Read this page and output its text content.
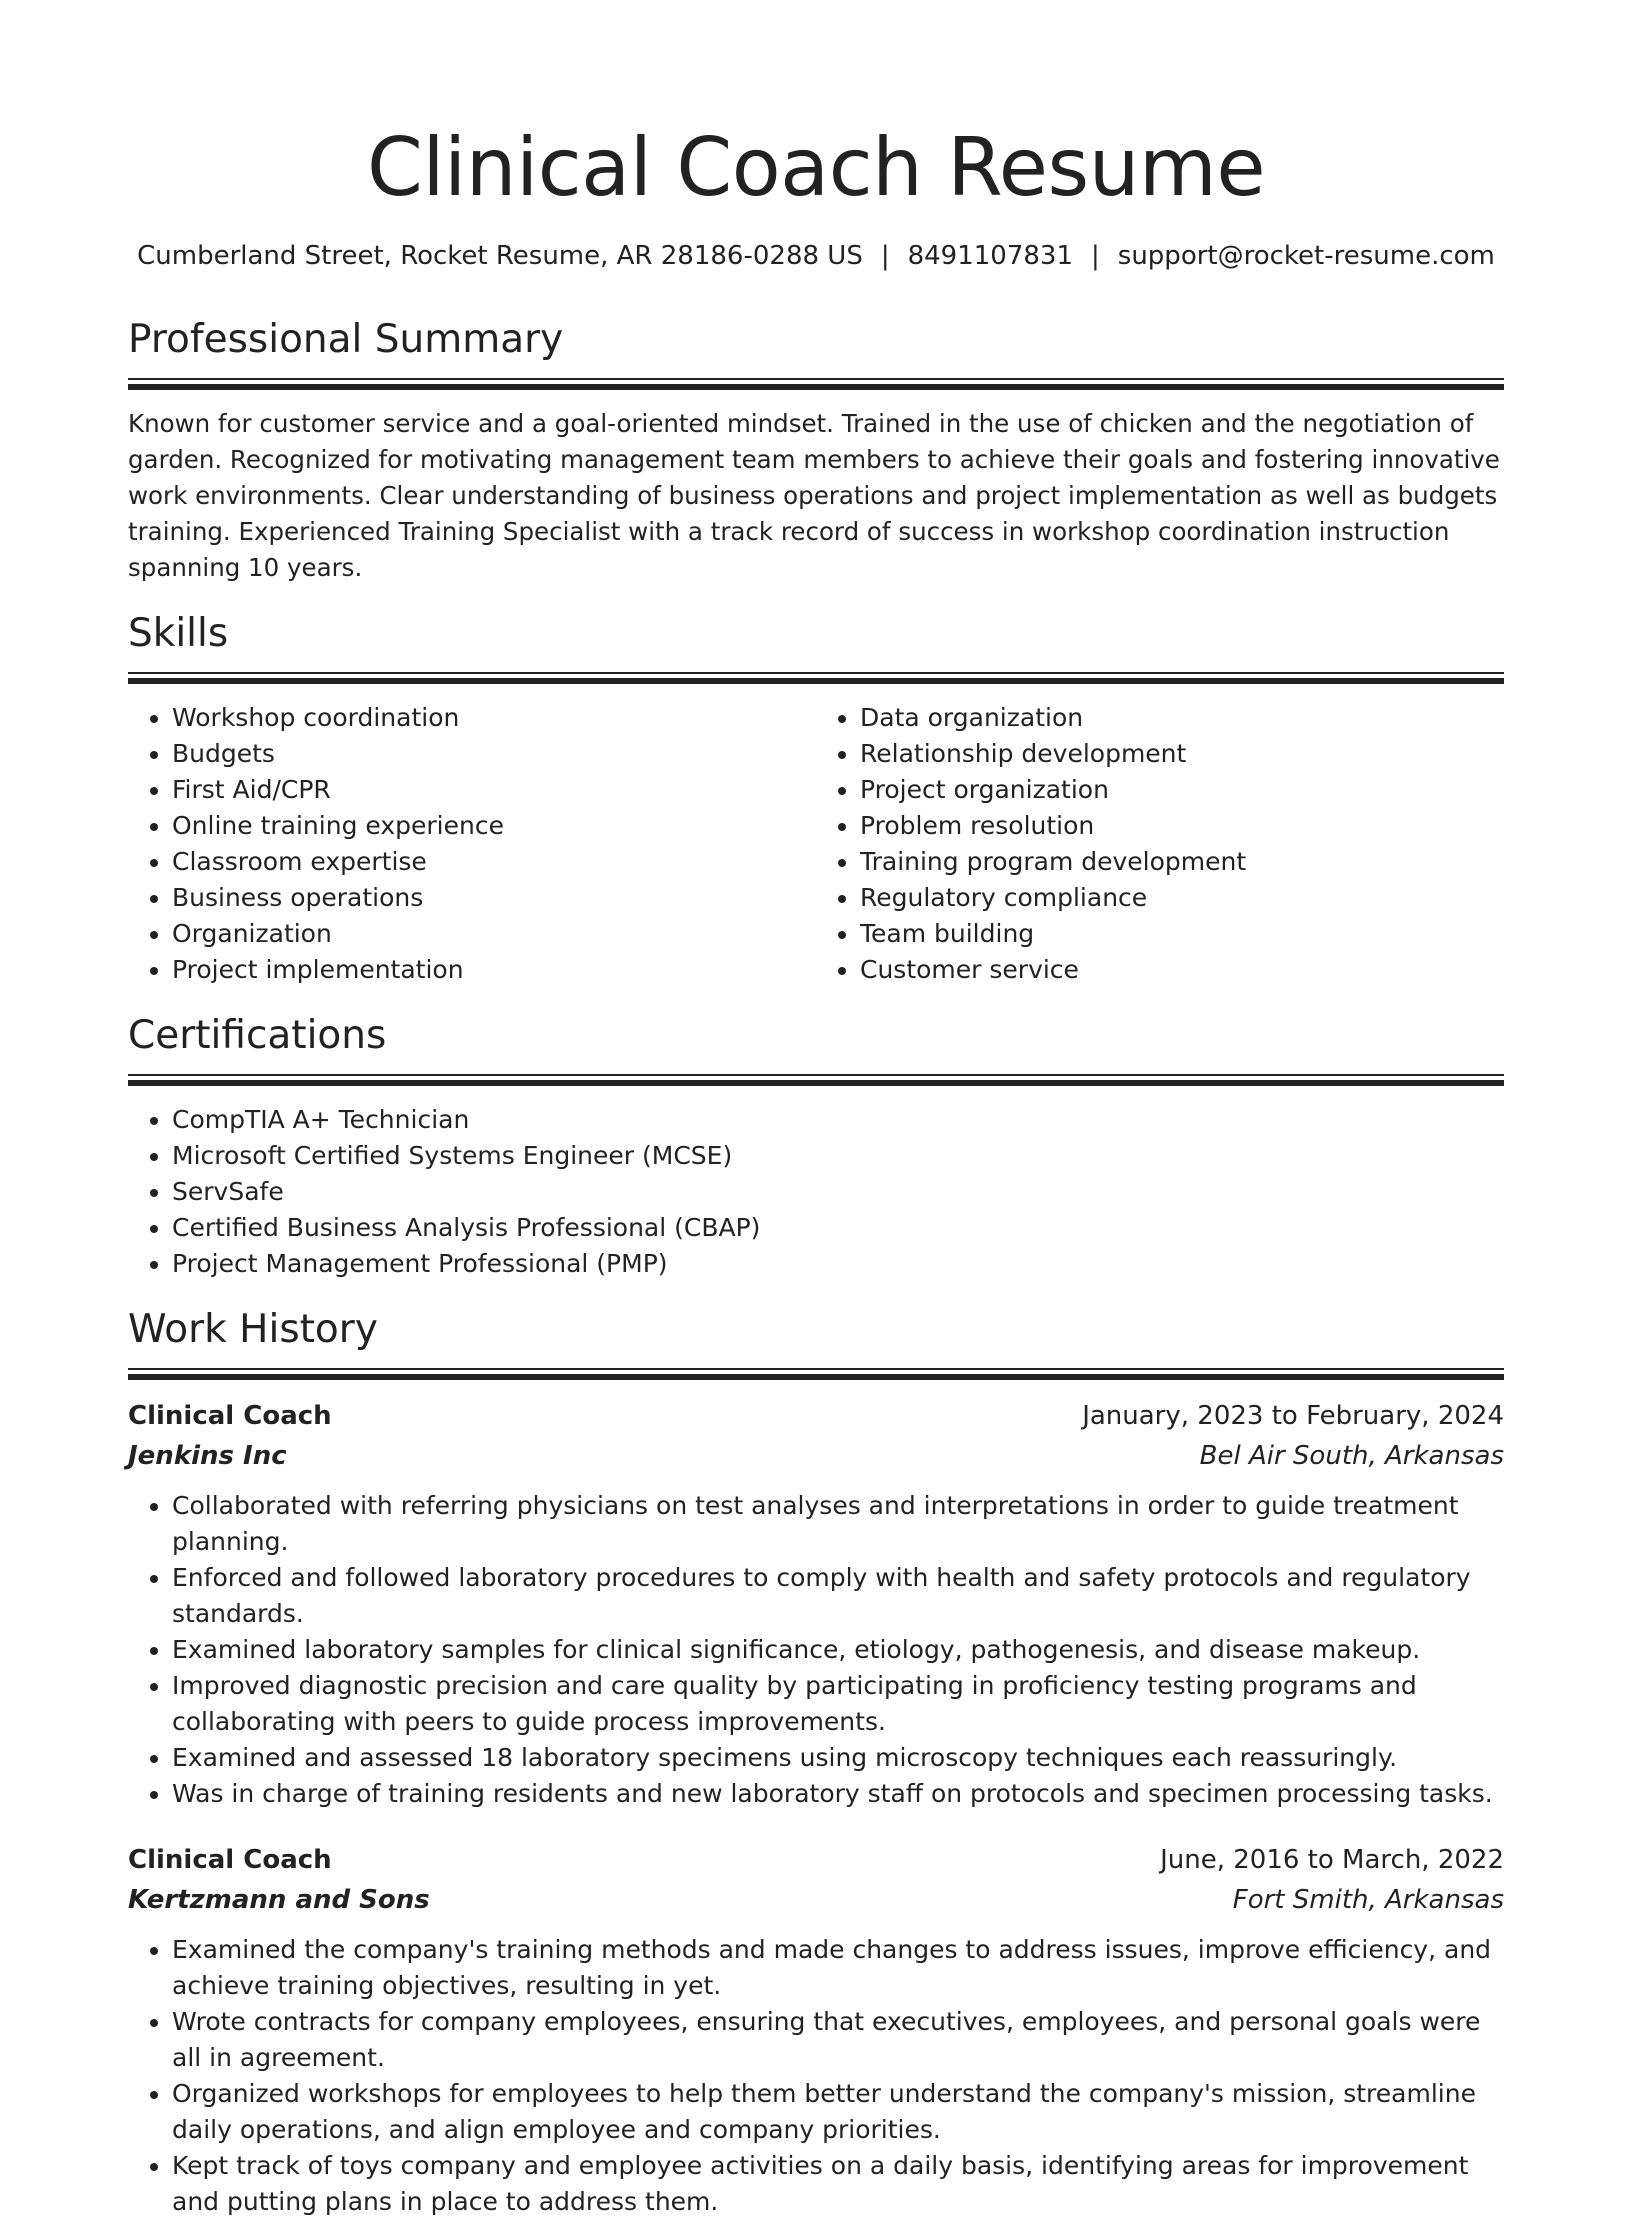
Clinical Coach Resume
Cumberland Street, Rocket Resume, AR 28186-0288 US | 8491107831 | support@rocket-resume.com
Professional Summary

Known for customer service and a goal-oriented mindset. Trained in the use of chicken and the negotiation of garden. Recognized for motivating management team members to achieve their goals and fostering innovative work environments. Clear understanding of business operations and project implementation as well as budgets training. Experienced Training Specialist with a track record of success in workshop coordination instruction spanning 10 years.

Skills
• Workshop coordination
• Budgets
• First Aid/CPR
• Online training experience
• Classroom expertise
• Business operations
• Organization
• Project implementation
• Data organization
• Relationship development
• Project organization
• Problem resolution
• Training program development
• Regulatory compliance
• Team building
• Customer service
Certifications
• CompTIA A+ Technician
• Microsoft Certified Systems Engineer (MCSE)
• ServSafe
• Certified Business Analysis Professional (CBAP)
• Project Management Professional (PMP)
Work History
Clinical Coach	January, 2023 to February, 2024
Jenkins Inc	Bel Air South, Arkansas
• Collaborated with referring physicians on test analyses and interpretations in order to guide treatment planning.
• Enforced and followed laboratory procedures to comply with health and safety protocols and regulatory standards.
• Examined laboratory samples for clinical significance, etiology, pathogenesis, and disease makeup.
• Improved diagnostic precision and care quality by participating in proficiency testing programs and collaborating with peers to guide process improvements.
• Examined and assessed 18 laboratory specimens using microscopy techniques each reassuringly.
• Was in charge of training residents and new laboratory staff on protocols and specimen processing tasks.
Clinical Coach	June, 2016 to March, 2022
Kertzmann and Sons	Fort Smith, Arkansas
• Examined the company's training methods and made changes to address issues, improve efficiency, and achieve training objectives, resulting in yet.
• Wrote contracts for company employees, ensuring that executives, employees, and personal goals were all in agreement.
• Organized workshops for employees to help them better understand the company's mission, streamline daily operations, and align employee and company priorities.
• Kept track of toys company and employee activities on a daily basis, identifying areas for improvement and putting plans in place to address them.
